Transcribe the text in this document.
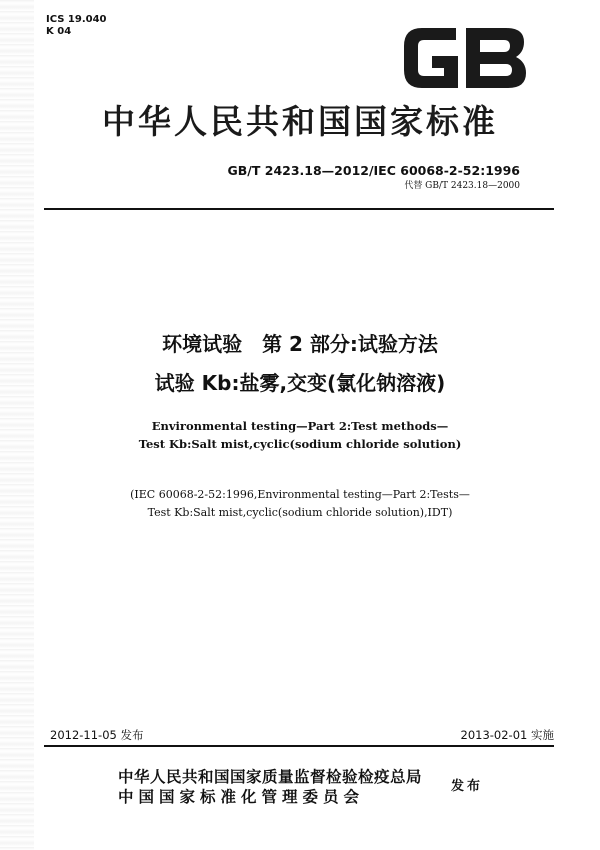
ICS 19.040
K 04
中华人民共和国国家标准
GB/T 2423.18—2012/IEC 60068-2-52:1996
代替 GB/T 2423.18—2000
环境试验　第 2 部分:试验方法
试验 Kb:盐雾,交变(氯化钠溶液)
Environmental testing—Part 2:Test methods—
Test Kb:Salt mist,cyclic(sodium chloride solution)
(IEC 60068-2-52:1996,Environmental testing—Part 2:Tests—
Test Kb:Salt mist,cyclic(sodium chloride solution),IDT)
2012-11-05 发布	2013-02-01 实施
中华人民共和国国家质量监督检验检疫总局
中国国家标准化管理委员会
发布
